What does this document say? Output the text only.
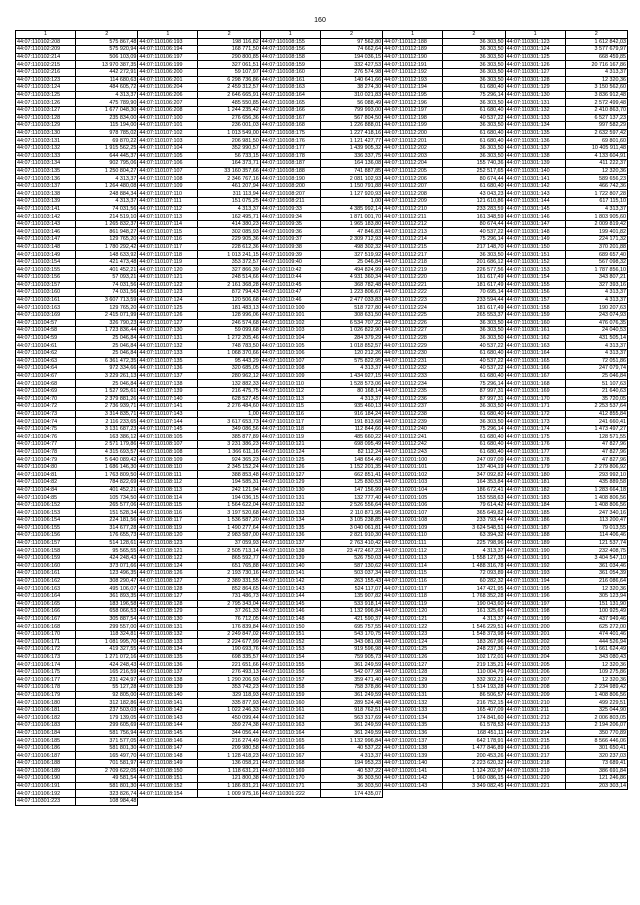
160
1	2	1	2	1	2	1	2	1	2
44:07:110102:208	575 867,48	44:07:110106:193	198 116,82	44:07:110108:155	97 562,80	44:07:110112:188	36 303,50	44:07:110301:123	1 612 842,03
44:07:110102:209	575 920,94	44:07:110106:194	168 771,50	44:07:110108:156	74 662,64	44:07:110112:189	36 303,50	44:07:110301:124	3 577 679,97
44:07:110102:214	506 103,09	44:07:110106:197	290 800,85	44:07:110108:158	194 036,15	44:07:110112:190	36 303,50	44:07:110301:125	668 459,85
44:07:110102:215	13 970 387,35	44:07:110106:199	327 061,51	44:07:110108:159	332 427,53	44:07:110112:191	36 303,50	44:07:110301:126	20 716 167,86
44:07:110102:216	442 272,91	44:07:110106:200	59 107,97	44:07:110108:160	276 574,98	44:07:110112:192	36 303,50	44:07:110301:127	4 313,37
44:07:110103:123	114 680,63	44:07:110106:201	6 298 736,86	44:07:110108:161	140 641,66	44:07:110112:193	36 303,50	44:07:110301:128	12 320,36
44:07:110103:124	484 605,72	44:07:110106:204	2 459 312,57	44:07:110108:163	38 274,30	44:07:110112:194	61 680,40	44:07:110301:129	3 150 562,60
44:07:110103:125	4 313,37	44:07:110106:206	2 646 665,91	44:07:110108:164	310 021,83	44:07:110112:195	75 296,14	44:07:110301:130	3 836 912,48
44:07:110103:126	475 789,90	44:07:110106:207	485 550,85	44:07:110108:165	56 088,49	44:07:110112:196	36 303,50	44:07:110301:131	2 572 499,48
44:07:110103:127	1 677 048,30	44:07:110106:208	1 244 235,42	44:07:110108:166	799 993,00	44:07:110112:197	61 680,40	44:07:110301:132	2 410 863,70
44:07:110103:128	235 834,00	44:07:110107:100	276 656,36	44:07:110108:167	567 804,50	44:07:110112:198	40 537,22	44:07:110301:133	6 527 137,23
44:07:110103:129	115 194,00	44:07:110107:101	236 001,03	44:07:110108:168	1 226 888,01	44:07:110112:199	36 303,50	44:07:110301:134	997 582,29
44:07:110103:130	978 785,02	44:07:110107:102	1 013 549,00	44:07:110108:175	1 227 418,16	44:07:110112:200	61 680,40	44:07:110301:135	2 632 597,42
44:07:110103:131	69 870,22	44:07:110107:103	206 981,50	44:07:110108:176	1 121 427,77	44:07:110112:201	61 680,40	44:07:110301:136	69 801,60
44:07:110103:132	1 915 562,25	44:07:110107:104	352 990,57	44:07:110108:177	1 439 905,32	44:07:110112:202	36 303,50	44:07:110301:137	10 405 911,48
44:07:110103:133	644 445,37	44:07:110107:105	56 733,15	44:07:110108:178	336 337,75	44:07:110112:203	36 303,50	44:07:110301:138	4 133 604,91
44:07:110103:134	902 795,06	44:07:110107:106	164 373,71	44:07:110108:187	164 136,08	44:07:110112:204	155 740,36	44:07:110301:139	411 222,37
44:07:110103:135	1 250 804,27	44:07:110107:107	33 160 357,66	44:07:110108:188	741 887,85	44:07:110112:205	252 517,65	44:07:110301:140	12 320,36
44:07:110103:136	4 313,37	44:07:110107:108	2 346 767,16	44:07:110108:190	2 081 102,93	44:07:110112:206	80 674,44	44:07:110301:141	589 656,23
44:07:110103:137	1 264 480,08	44:07:110107:109	461 207,94	44:07:110108:200	1 150 791,88	44:07:110112:207	61 680,40	44:07:110301:142	466 742,36
44:07:110103:138	248 884,34	44:07:110107:110	311 113,94	44:07:110108:207	1 127 920,93	44:07:110112:208	43 043,23	44:07:110301:143	1 722 807,28
44:07:110103:139	4 313,37	44:07:110107:111	151 075,25	44:07:110108:211	1,00	44:07:110112:209	121 610,86	44:07:110301:144	617 115,10
44:07:110103:141	74 031,56	44:07:110107:112	4 313,37	44:07:110109:33	4 385 992,14	44:07:110112:210	233 283,59	44:07:110301:145	4 313,37
44:07:110103:142	214 519,10	44:07:110107:113	162 495,71	44:07:110109:34	1 871 001,70	44:07:110112:211	161 348,59	44:07:110301:146	1 803 905,60
44:07:110103:143	1 265 832,37	44:07:110107:114	414 380,23	44:07:110109:35	1 965 183,80	44:07:110112:212	80 674,44	44:07:110301:147	2 009 819,42
44:07:110103:146	861 948,27	44:07:110107:115	302 085,93	44:07:110109:36	47 846,83	44:07:110112:213	40 537,22	44:07:110301:148	199 401,82
44:07:110103:147	129 765,20	44:07:110107:116	229 905,36	44:07:110109:37	2 309 712,93	44:07:110112:214	75 296,14	44:07:110301:149	224 171,32
44:07:110103:148	1 780 292,42	44:07:110107:117	228 612,36	44:07:110109:38	498 302,32	44:07:110112:215	217 148,70	44:07:110301:150	370 201,88
44:07:110103:149	148 633,92	44:07:110107:118	1 013 241,15	44:07:110109:39	327 519,92	44:07:110112:217	36 303,50	44:07:110301:151	689 657,40
44:07:110103:154	421 473,48	44:07:110107:119	353 372,57	44:07:110109:40	25 046,84	44:07:110112:218	201 686,12	44:07:110301:152	567 098,32
44:07:110103:155	401 452,21	44:07:110107:120	327 866,39	44:07:110110:42	494 824,99	44:07:110112:219	226 577,56	44:07:110301:153	1 787 856,10
44:07:110103:156	57 093,21	44:07:110107:121	248 514,66	44:07:110110:44	4 931 360,34	44:07:110112:220	161 617,49	44:07:110301:154	343 807,21
44:07:110103:157	74 031,56	44:07:110107:122	2 161 368,28	44:07:110110:45	368 782,48	44:07:110112:221	181 617,49	44:07:110301:155	327 393,16
44:07:110103:160	74 031,56	44:07:110107:123	872 794,43	44:07:110110:47	1 223 806,67	44:07:110112:222	70 695,14	44:07:110301:156	4 313,37
44:07:110103:161	3 607 713,59	44:07:110107:124	120 506,68	44:07:110110:46	2 477 033,83	44:07:110112:223	233 594,44	44:07:110301:157	4 313,37
44:07:110103:163	129 765,20	44:07:110107:125	181 483,13	44:07:110110:100	518 727,80	44:07:110112:224	181 617,49	44:07:110301:158	190 207,63
44:07:110103:169	2 415 071,99	44:07:110107:126	128 996,06	44:07:110110:101	308 631,50	44:07:110112:225	265 553,37	44:07:110301:159	243 074,93
44:07:110104:57	326 790,23	44:07:110107:127	246 574,68	44:07:110110:102	6 534 707,22	44:07:110112:226	36 303,50	44:07:110301:160	476 076,35
44:07:110104:58	1 723 836,44	44:07:110107:130	59 099,68	44:07:110110:103	1 026 822,90	44:07:110112:227	36 303,50	44:07:110301:161	24 040,53
44:07:110104:59	25 046,84	44:07:110107:131	1 272 205,46	44:07:110110:104	284 379,29	44:07:110112:228	36 303,50	44:07:110301:162	431 505,14
44:07:110104:61	25 046,84	44:07:110107:132	748 783,50	44:07:110110:105	1 018 852,57	44:07:110112:229	40 537,22	44:07:110301:163	4 313,37
44:07:110104:62	25 046,84	44:07:110107:133	1 068 370,66	44:07:110110:106	120 212,26	44:07:110112:230	61 680,40	44:07:110301:164	4 313,37
44:07:110104:63	6 361 472,35	44:07:110107:135	95 443,29	44:07:110110:107	575 822,95	44:07:110112:231	40 537,22	44:07:110301:165	72 051,86
44:07:110104:64	972 334,66	44:07:110107:136	320 685,05	44:07:110110:108	4 313,37	44:07:110112:232	40 537,22	44:07:110301:166	247 079,74
44:07:110104:67	3 229 261,13	44:07:110107:137	280 962,12	44:07:110110:109	1 434 927,15	44:07:110112:233	61 680,40	44:07:110301:167	25 046,84
44:07:110104:68	25 046,84	44:07:110107:138	132 882,33	44:07:110110:110	1 528 573,06	44:07:110112:234	75 296,14	44:07:110301:168	51 107,63
44:07:110104:69	1 527 925,61	44:07:110107:139	216 475,75	44:07:110110:112	80 168,14	44:07:110112:235	87 997,31	44:07:110301:169	21 640,63
44:07:110104:70	2 379 881,26	44:07:110107:140	628 527,45	44:07:110110:113	4 313,37	44:07:110112:236	87 997,31	44:07:110301:170	35 720,05
44:07:110104:72	2 736 939,71	44:07:110107:141	2 276 484,60	44:07:110110:115	935 460,13	44:07:110112:237	36 303,50	44:07:110301:171	2 253 537,64
44:07:110104:73	3 314 835,71	44:07:110107:143	1,00	44:07:110110:116	916 184,24	44:07:110112:238	61 680,40	44:07:110301:172	412 855,84
44:07:110104:74	2 116 233,65	44:07:110107:144	3 617 653,73	44:07:110110:117	191 813,68	44:07:110112:239	36 303,50	44:07:110301:173	241 660,41
44:07:110104:75	3 131 687,23	44:07:110107:145	349 086,56	44:07:110110:118	112 844,66	44:07:110112:240	75 296,14	44:07:110301:174	1 473 497,27
44:07:110104:76	163 386,12	44:07:110108:105	385 877,89	44:07:110110:119	485 660,22	44:07:110112:241	61 680,40	44:07:110301:175	128 571,55
44:07:110104:77	2 571 179,86	44:07:110108:107	3 231 386,23	44:07:110110:121	698 095,49	44:07:110112:242	61 680,40	44:07:110301:176	47 827,96
44:07:110104:78	4 315 693,57	44:07:110108:108	1 366 611,16	44:07:110110:124	82 112,24	44:07:110112:243	61 680,40	44:07:110301:177	47 827,96
44:07:110104:79	5 640 089,42	44:07:110108:109	924 365,23	44:07:110110:125	148 654,49	44:07:110201:100	247 097,09	44:07:110301:178	47 827,96
44:07:110104:80	1 686 146,30	44:07:110108:110	2 345 152,24	44:07:110110:126	1 152 201,35	44:07:110201:101	137 404,19	44:07:110301:179	2 279 806,92
44:07:110104:81	1 763 809,50	44:07:110108:111	388 853,48	44:07:110110:127	662 851,41	44:07:110201:102	347 092,82	44:07:110301:180	293 992,10
44:07:110104:82	784 822,69	44:07:110108:112	194 585,31	44:07:110110:129	125 830,53	44:07:110201:103	164 353,84	44:07:110301:181	435 889,58
44:07:110104:84	401 452,21	44:07:110108:113	242 121,94	44:07:110110:130	147 156,99	44:07:110201:104	186 672,41	44:07:110301:182	1 283 664,18
44:07:110104:85	105 734,50	44:07:110108:114	194 036,15	44:07:110110:131	132 777,40	44:07:110201:105	153 558,63	44:07:110301:183	1 408 806,56
44:07:110106:152	265 577,06	44:07:110108:115	1 564 622,04	44:07:110110:132	2 526 556,64	44:07:110201:106	79 614,42	44:07:110301:184	1 408 806,56
44:07:110106:153	151 528,34	44:07:110108:116	3 197 520,68	44:07:110110:133	2 110 871,95	44:07:110201:107	365 649,82	44:07:110301:185	247 340,16
44:07:110106:154	224 181,56	44:07:110108:117	1 536 587,20	44:07:110110:134	3 105 238,85	44:07:110201:108	233 793,44	44:07:110301:186	113 200,47
44:07:110106:155	314 677,28	44:07:110108:119	1 490 277,64	44:07:110110:135	3 040 061,81	44:07:110201:109	3 624 548,51	44:07:110301:187	79 013,55
44:07:110106:156	176 655,73	44:07:110108:120	2 983 587,00	44:07:110110:136	2 821 910,30	44:07:110201:110	63 394,32	44:07:110301:188	114 406,46
44:07:110106:157	514 128,61	44:07:110108:123	37 059,93	44:07:110110:137	2 763 410,42	44:07:110201:111	225 798,96	44:07:110301:189	121 537,74
44:07:110106:158	95 565,55	44:07:110108:121	2 505 713,14	44:07:110110:138	23 472 467,23	44:07:110201:112	4 313,37	44:07:110301:190	232 408,75
44:07:110106:159	424 248,43	44:07:110108:122	865 592,77	44:07:110110:139	526 750,03	44:07:110201:113	1 558 127,35	44:07:110301:191	3 404 547,10
44:07:110106:160	373 071,66	44:07:110108:124	651 765,88	44:07:110110:140	587 130,62	44:07:110201:114	1 488 316,78	44:07:110301:192	361 034,46
44:07:110106:161	123 496,35	44:07:110108:126	2 193 730,16	44:07:110110:141	503 037,34	44:07:110201:115	72 093,89	44:07:110301:193	361 054,39
44:07:110106:162	308 290,47	44:07:110108:127	2 389 331,55	44:07:110110:142	263 155,43	44:07:110201:116	60 282,32	44:07:110301:194	216 086,64
44:07:110106:163	495 106,07	44:07:110108:128	852 864,65	44:07:110110:143	524 117,07	44:07:110201:117	147 421,95	44:07:110301:195	12 320,36
44:07:110106:164	361 893,35	44:07:110108:127	731 486,73	44:07:110110:144	135 907,82	44:07:110201:118	1 768 352,28	44:07:110301:196	305 123,94
44:07:110106:165	183 196,58	44:07:110108:128	2 795 343,04	44:07:110110:145	533 918,14	44:07:110201:119	190 043,60	44:07:110301:197	151 131,90
44:07:110106:166	658 066,53	44:07:110108:129	37 261,33	44:07:110110:146	1 132 996,84	44:07:110201:120	161 325,65	44:07:110301:198	100 925,49
44:07:110106:167	305 887,54	44:07:110108:130	76 712,05	44:07:110110:148	421 590,37	44:07:110201:121	4 313,37	44:07:110301:199	437 949,46
44:07:110106:168	299 557,00	44:07:110108:131	176 839,84	44:07:110110:150	695 757,55	44:07:110201:122	1 546 229,51	44:07:110301:200	625 272,00
44:07:110106:170	118 324,81	44:07:110108:132	2 249 847,02	44:07:110110:151	543 170,75	44:07:110201:123	1 548 373,98	44:07:110301:201	474 401,46
44:07:110106:171	1 081 995,70	44:07:110108:133	2 224 677,99	44:07:110110:152	343 081,08	44:07:110201:124	183 267,96	44:07:110301:202	444 526,94
44:07:110106:172	419 327,55	44:07:110108:134	190 693,76	44:07:110110:153	919 596,98	44:07:110201:125	248 237,36	44:07:110301:203	1 661 624,49
44:07:110106:173	1 271 072,16	44:07:110108:135	698 335,57	44:07:110110:154	759 905,73	44:07:110201:126	102 172,01	44:07:110301:204	343 080,43
44:07:110106:174	424 248,43	44:07:110108:136	221 651,66	44:07:110110:155	361 249,59	44:07:110201:127	219 135,21	44:07:110301:205	12 320,36
44:07:110106:175	165 216,59	44:07:110108:137	276 493,13	44:07:110110:156	542 077,98	44:07:110201:128	110 004,79	44:07:110301:206	109 275,86
44:07:110106:177	231 424,97	44:07:110108:138	1 290 206,93	44:07:110110:157	359 471,40	44:07:110201:129	332 302,21	44:07:110301:207	12 320,36
44:07:110106:178	55 127,28	44:07:110108:139	353 742,23	44:07:110110:158	758 378,86	44:07:110201:130	1 514 193,28	44:07:110301:208	2 234 989,42
44:07:110106:179	92 805,00	44:07:110108:140	329 118,93	44:07:110110:159	361 249,59	44:07:110201:131	86 506,57	44:07:110301:209	1 408 806,56
44:07:110106:180	312 182,86	44:07:110108:141	335 877,93	44:07:110110:160	289 524,48	44:07:110201:132	216 752,15	44:07:110301:210	499 229,51
44:07:110106:181	237 503,03	44:07:110108:142	1 022 246,33	44:07:110110:161	918 762,51	44:07:110201:133	165 407,09	44:07:110301:211	325 044,90
44:07:110106:182	179 139,05	44:07:110108:143	450 099,44	44:07:110110:162	563 317,69	44:07:110201:134	174 841,60	44:07:110301:212	2 006 803,05
44:07:110106:183	299 605,69	44:07:110108:144	359 274,38	44:07:110110:163	361 249,59	44:07:110201:135	61 578,53	44:07:110301:213	2 194 206,07
44:07:110106:184	581 756,94	44:07:110108:145	344 056,44	44:07:110110:164	361 249,59	44:07:110201:136	168 451,11	44:07:110301:214	350 770,89
44:07:110106:185	371 577,05	44:07:110108:146	216 274,49	44:07:110110:165	1 132 996,84	44:07:110201:137	642 178,91	44:07:110301:215	8 566 446,06
44:07:110106:186	581 801,30	44:07:110108:147	209 980,58	44:07:110110:166	40 537,22	44:07:110201:138	1 477 846,89	44:07:110301:216	301 650,41
44:07:110106:187	165 497,70	44:07:110108:148	1 128 418,23	44:07:110110:167	4 313,37	44:07:110201:139	200 453,26	44:07:110301:217	320 237,03
44:07:110106:188	701 581,97	44:07:110108:149	136 058,21	44:07:110110:168	194 953,23	44:07:110201:140	2 223 620,32	44:07:110301:218	73 689,41
44:07:110106:189	2 709 622,05	44:07:110108:150	1 118 631,21	44:07:110110:169	40 537,22	44:07:110201:141	1 124 202,97	44:07:110301:219	386 691,84
44:07:110106:190	49 581,54	44:07:110108:151	121 800,38	44:07:110110:170	36 303,50	44:07:110201:142	1 960 086,15	44:07:110301:220	121 246,86
44:07:110106:191	581 801,30	44:07:110108:152	1 186 831,21	44:07:110110:171	36 303,50	44:07:110201:143	3 349 082,45	44:07:110301:221	203 303,14
44:07:110106:192	323 826,74	44:07:110108:154	1 009 975,16	44:07:110301:222	174 435,07				
44:07:110301:223	108 984,48								
